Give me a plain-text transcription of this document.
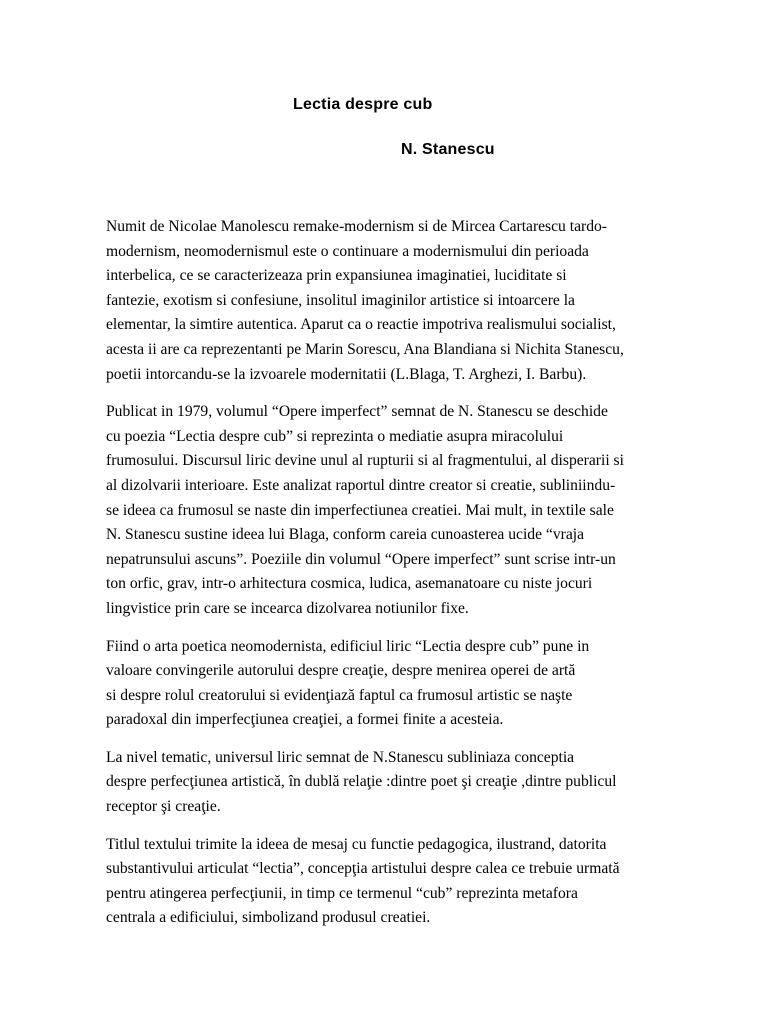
Lectia despre cub
N. Stanescu

Numit de Nicolae Manolescu remake-modernism si de Mircea Cartarescu tardo-
modernism, neomodernismul este o continuare a modernismului din perioada
interbelica, ce se caracterizeaza prin expansiunea imaginatiei, luciditate si
fantezie, exotism si confesiune, insolitul imaginilor artistice si intoarcere la
elementar, la simtire autentica. Aparut ca o reactie impotriva realismului socialist,
acesta ii are ca reprezentanti pe Marin Sorescu, Ana Blandiana si Nichita Stanescu,
poetii intorcandu-se la izvoarele modernitatii (L.Blaga, T. Arghezi, I. Barbu).

Publicat in 1979, volumul “Opere imperfect” semnat de N. Stanescu se deschide
cu poezia “Lectia despre cub” si reprezinta o mediatie asupra miracolului
frumosului. Discursul liric devine unul al rupturii si al fragmentului, al disperarii si
al dizolvarii interioare. Este analizat raportul dintre creator si creatie, subliniindu-
se ideea ca frumosul se naste din imperfectiunea creatiei. Mai mult, in textile sale
N. Stanescu sustine ideea lui Blaga, conform careia cunoasterea ucide “vraja
nepatrunsului ascuns”. Poeziile din volumul “Opere imperfect” sunt scrise intr-un
ton orfic, grav, intr-o arhitectura cosmica, ludica, asemanatoare cu niste jocuri
lingvistice prin care se incearca dizolvarea notiunilor fixe.

Fiind o arta poetica neomodernista, edificiul liric “Lectia despre cub” pune in
valoare convingerile autorului despre creaţie, despre menirea operei de artă
si despre rolul creatorului si evidenţiază faptul ca frumosul artistic se naşte
paradoxal din imperfecţiunea creaţiei, a formei finite a acesteia.

La nivel tematic, universul liric semnat de N.Stanescu subliniaza conceptia
despre perfecţiunea artistică, în dublă relaţie :dintre poet şi creaţie ,dintre publicul
receptor şi creaţie.

Titlul textului trimite la ideea de mesaj cu functie pedagogica, ilustrand, datorita
substantivului articulat “lectia”, concepţia artistului despre calea ce trebuie urmată
pentru atingerea perfecţiunii, in timp ce termenul “cub” reprezinta metafora
centrala a edificiului, simbolizand produsul creatiei.
